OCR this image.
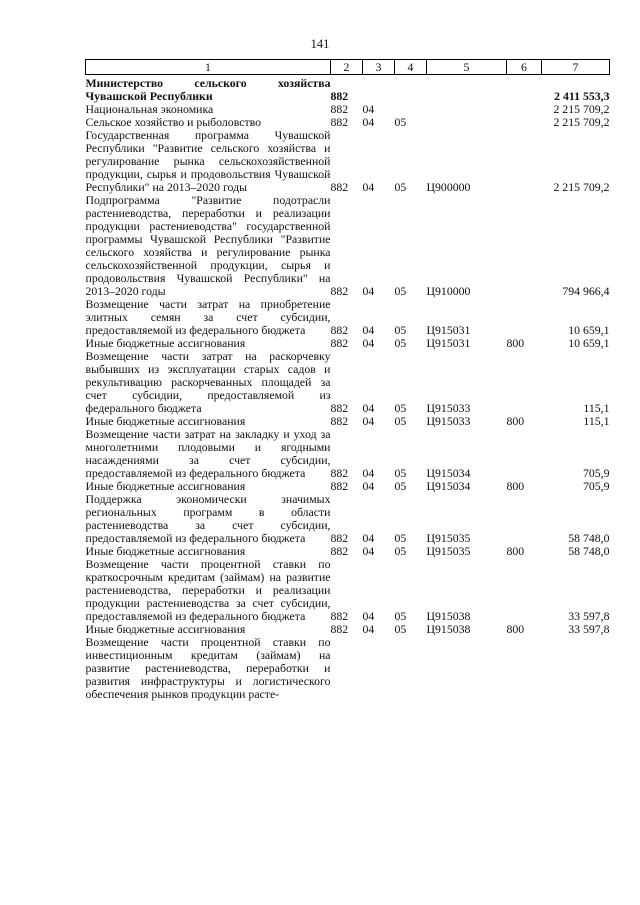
141
1	2	3	4	5	6	7
Министерство сельского хозяйства Чувашской Республики	882					2 411 553,3
Национальная экономика	882	04				2 215 709,2
Сельское хозяйство и рыболовство	882	04	05			2 215 709,2
Государственная программа Чувашской Республики "Развитие сельского хозяйства и регулирование рынка сельскохозяйственной продукции, сырья и продовольствия Чувашской Республики" на 2013–2020 годы	882	04	05	Ц900000		2 215 709,2
Подпрограмма "Развитие подотрасли растениеводства, переработки и реализации продукции растениеводства" государственной программы Чувашской Республики "Развитие сельского хозяйства и регулирование рынка сельскохозяйственной продукции, сырья и продовольствия Чувашской Республики" на 2013–2020 годы	882	04	05	Ц910000		794 966,4
Возмещение части затрат на приобретение элитных семян за счет субсидии, предоставляемой из федерального бюджета	882	04	05	Ц915031		10 659,1
Иные бюджетные ассигнования	882	04	05	Ц915031	800	10 659,1
Возмещение части затрат на раскорчевку выбывших из эксплуатации старых садов и рекультивацию раскорчеванных площадей за счет субсидии, предоставляемой из федерального бюджета	882	04	05	Ц915033		115,1
Иные бюджетные ассигнования	882	04	05	Ц915033	800	115,1
Возмещение части затрат на закладку и уход за многолетними плодовыми и ягодными насаждениями за счет субсидии, предоставляемой из федерального бюджета	882	04	05	Ц915034		705,9
Иные бюджетные ассигнования	882	04	05	Ц915034	800	705,9
Поддержка экономически значимых региональных программ в области растениеводства за счет субсидии, предоставляемой из федерального бюджета	882	04	05	Ц915035		58 748,0
Иные бюджетные ассигнования	882	04	05	Ц915035	800	58 748,0
Возмещение части процентной ставки по краткосрочным кредитам (займам) на развитие растениеводства, переработки и реализации продукции растениеводства за счет субсидии, предоставляемой из федерального бюджета	882	04	05	Ц915038		33 597,8
Иные бюджетные ассигнования	882	04	05	Ц915038	800	33 597,8
Возмещение части процентной ставки по инвестиционным кредитам (займам) на развитие растениеводства, переработки и развития инфраструктуры и логистического обеспечения рынков продукции расте-						
